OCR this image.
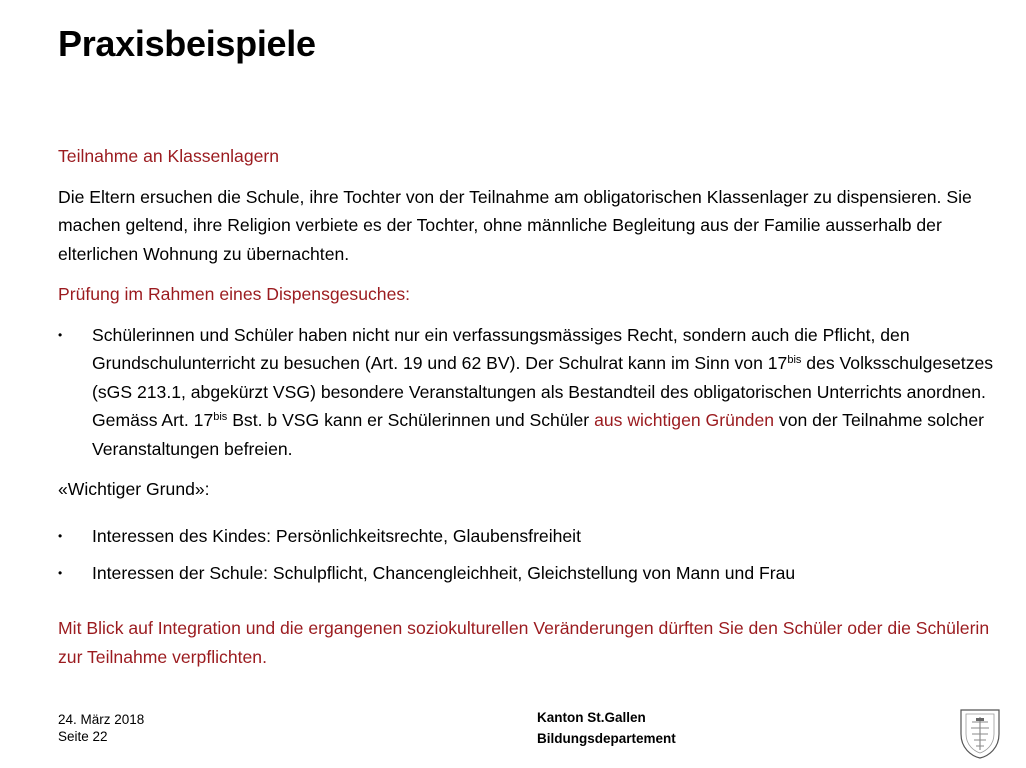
Praxisbeispiele
Teilnahme an Klassenlagern

Die Eltern ersuchen die Schule, ihre Tochter von der Teilnahme am obligatorischen Klassenlager zu dispensieren. Sie machen geltend, ihre Religion verbiete es der Tochter, ohne männliche Begleitung aus der Familie ausserhalb der elterlichen Wohnung zu übernachten.

Prüfung im Rahmen eines Dispensgesuches:
• Schülerinnen und Schüler haben nicht nur ein verfassungsmässiges Recht, sondern auch die Pflicht, den Grundschulunterricht zu besuchen (Art. 19 und 62 BV). Der Schulrat kann im Sinn von $17^{bis}$ des Volksschulgesetzes (sGS 213.1, abgekürzt VSG) besondere Veranstaltungen als Bestandteil des obligatorischen Unterrichts anordnen. Gemäss Art. $17^{bis}$ Bst. b VSG kann er Schülerinnen und Schüler aus wichtigen Gründen von der Teilnahme solcher Veranstaltungen befreien.
«Wichtiger Grund»:
• Interessen des Kindes: Persönlichkeitsrechte, Glaubensfreiheit
• Interessen der Schule: Schulpflicht, Chancengleichheit, Gleichstellung von Mann und Frau

Mit Blick auf Integration und die ergangenen soziokulturellen Veränderungen dürften Sie den Schüler oder die Schülerin zur Teilnahme verpflichten.

24. März 2018
Seite 22
Kanton St.Gallen
Bildungsdepartement
